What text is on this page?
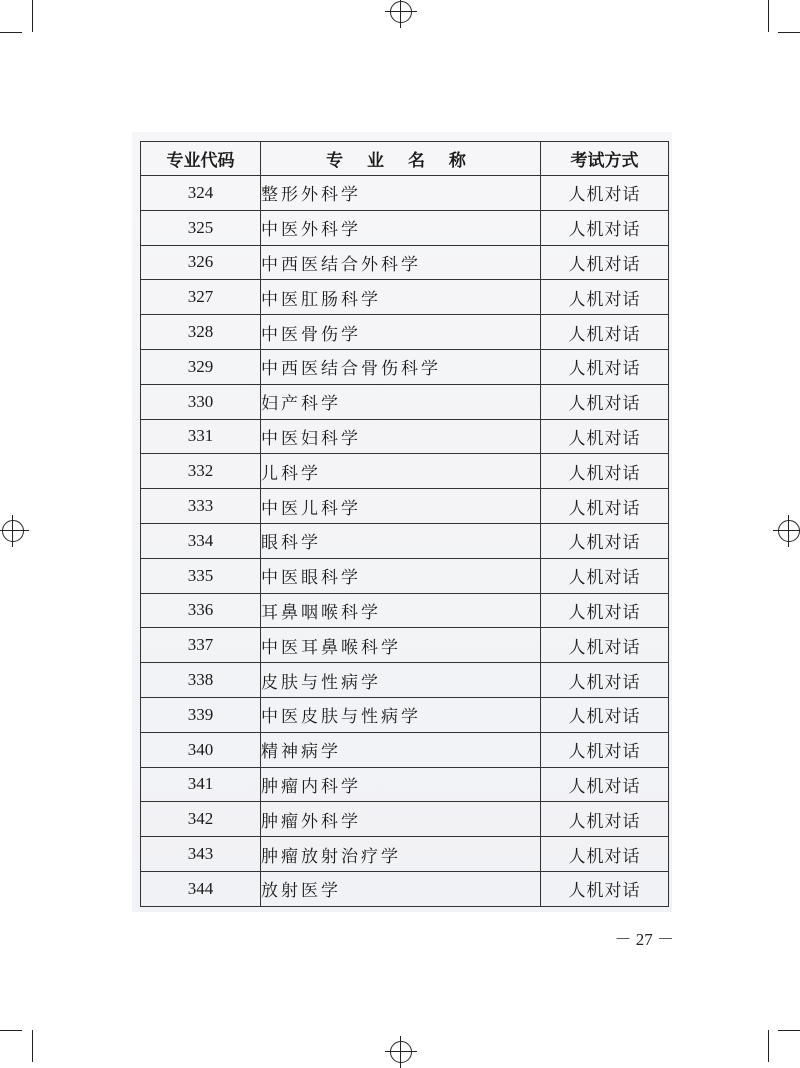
专业代码	专 业 名 称	考试方式
324	整形外科学	人机对话
325	中医外科学	人机对话
326	中西医结合外科学	人机对话
327	中医肛肠科学	人机对话
328	中医骨伤学	人机对话
329	中西医结合骨伤科学	人机对话
330	妇产科学	人机对话
331	中医妇科学	人机对话
332	儿科学	人机对话
333	中医儿科学	人机对话
334	眼科学	人机对话
335	中医眼科学	人机对话
336	耳鼻咽喉科学	人机对话
337	中医耳鼻喉科学	人机对话
338	皮肤与性病学	人机对话
339	中医皮肤与性病学	人机对话
340	精神病学	人机对话
341	肿瘤内科学	人机对话
342	肿瘤外科学	人机对话
343	肿瘤放射治疗学	人机对话
344	放射医学	人机对话
－ 27 －
